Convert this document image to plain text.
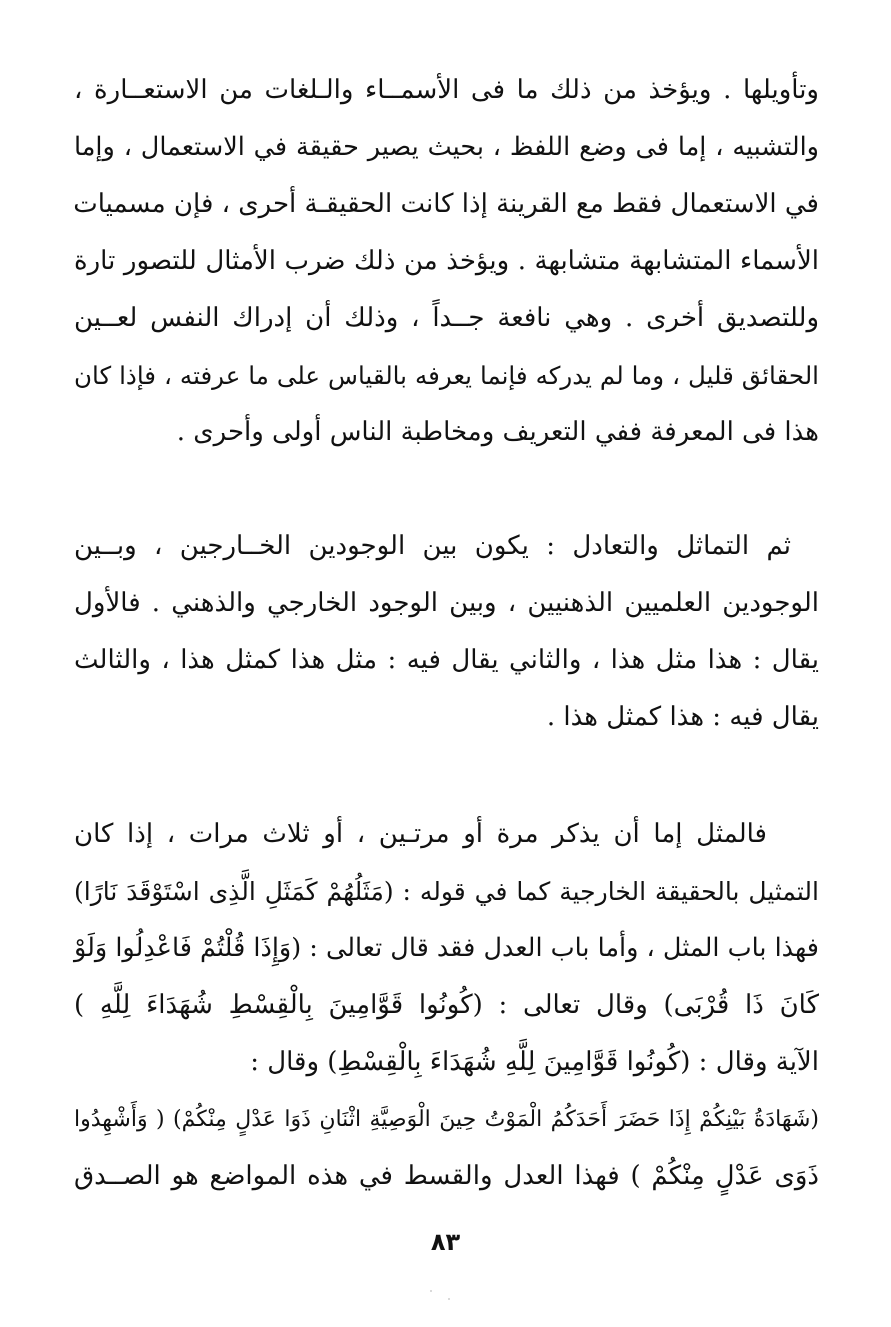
وتأويلها . ويؤخذ من ذلك ما فى الأسمــاء والـلغات من الاستعــارة ،
والتشبيه ، إما فى وضع اللفظ ، بحيث يصير حقيقة في الاستعمال ، وإما
في الاستعمال فقط مع القرينة إذا كانت الحقيقـة أحرى ، فإن مسميات
الأسماء المتشابهة متشابهة . ويؤخذ من ذلك ضرب الأمثال للتصور تارة
وللتصديق أخرى . وهي نافعة جــداً ، وذلك أن إدراك النفس لعــين
الحقائق قليل ، وما لم يدركه فإنما يعرفه بالقياس على ما عرفته ، فإذا كان
هذا فى المعرفة ففي التعريف ومخاطبة الناس أولى وأحرى .
ثم التماثل والتعادل : يكون بين الوجودين الخــارجين ، وبــين
الوجودين العلميين الذهنيين ، وبين الوجود الخارجي والذهني . فالأول
يقال : هذا مثل هذا ، والثاني يقال فيه : مثل هذا كمثل هذا ، والثالث
يقال فيه : هذا كمثل هذا .
فالمثل إما أن يذكر مرة أو مرتـين ، أو ثلاث مرات ، إذا كان
التمثيل بالحقيقة الخارجية كما في قوله : (مَثَلُهُمْ كَمَثَلِ الَّذِى اسْتَوْقَدَ نَارًا)
فهذا باب المثل ، وأما باب العدل فقد قال تعالى : (وَإِذَا قُلْتُمْ فَاعْدِلُوا وَلَوْ
كَانَ ذَا قُرْبَى) وقال تعالى : (كُونُوا قَوَّامِينَ بِالْقِسْطِ شُهَدَاءَ لِلَّهِ )
الآية وقال : (كُونُوا قَوَّامِينَ لِلَّهِ شُهَدَاءَ بِالْقِسْطِ) وقال :
(شَهَادَةُ بَيْنِكُمْ إِذَا حَضَرَ أَحَدَكُمُ الْمَوْتُ حِينَ الْوَصِيَّةِ اثْنَانِ ذَوَا عَدْلٍ مِنْكُمْ) ( وَأَشْهِدُوا
ذَوَى عَدْلٍ مِنْكُمْ ) فهذا العدل والقسط في هذه المواضع هو الصــدق
٨٣
